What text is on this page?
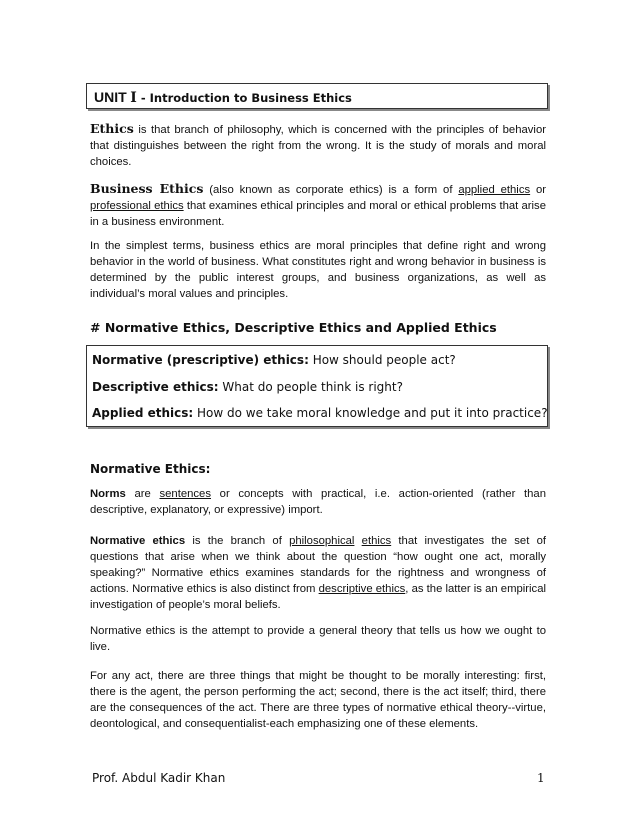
UNIT I - Introduction to Business Ethics

Ethics is that branch of philosophy, which is concerned with the principles of behavior that distinguishes between the right from the wrong. It is the study of morals and moral choices.

Business Ethics (also known as corporate ethics) is a form of applied ethics or professional ethics that examines ethical principles and moral or ethical problems that arise in a business environment.

In the simplest terms, business ethics are moral principles that define right and wrong behavior in the world of business. What constitutes right and wrong behavior in business is determined by the public interest groups, and business organizations, as well as individual’s moral values and principles.

# Normative Ethics, Descriptive Ethics and Applied Ethics
Normative (prescriptive) ethics: How should people act?
Descriptive ethics: What do people think is right?
Applied ethics: How do we take moral knowledge and put it into practice?
Normative Ethics:

Norms are sentences or concepts with practical, i.e. action-oriented (rather than descriptive, explanatory, or expressive) import.

Normative ethics is the branch of philosophical ethics that investigates the set of questions that arise when we think about the question “how ought one act, morally speaking?” Normative ethics examines standards for the rightness and wrongness of actions. Normative ethics is also distinct from descriptive ethics, as the latter is an empirical investigation of people’s moral beliefs.

Normative ethics is the attempt to provide a general theory that tells us how we ought to live.

For any act, there are three things that might be thought to be morally interesting: first, there is the agent, the person performing the act; second, there is the act itself; third, there are the consequences of the act. There are three types of normative ethical theory--virtue, deontological, and consequentialist-each emphasizing one of these elements.

Prof. Abdul Kadir Khan	1
